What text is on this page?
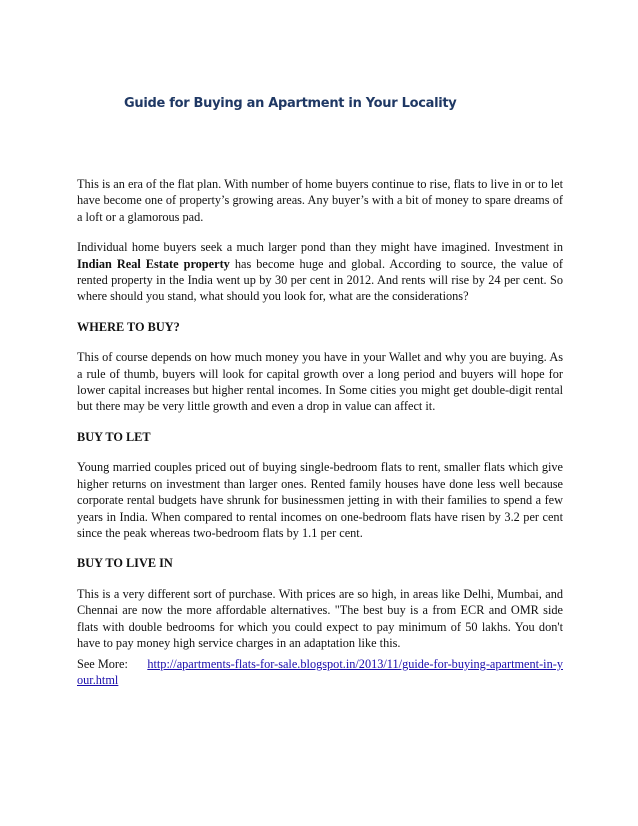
Guide for Buying an Apartment in Your Locality

This is an era of the flat plan. With number of home buyers continue to rise, flats to live in or to let have become one of property’s growing areas. Any buyer’s with a bit of money to spare dreams of a loft or a glamorous pad.

Individual home buyers seek a much larger pond than they might have imagined. Investment in Indian Real Estate property has become huge and global. According to source, the value of rented property in the India went up by 30 per cent in 2012. And rents will rise by 24 per cent. So where should you stand, what should you look for, what are the considerations?

WHERE TO BUY?

This of course depends on how much money you have in your Wallet and why you are buying. As a rule of thumb, buyers will look for capital growth over a long period and buyers will hope for lower capital increases but higher rental incomes. In Some cities you might get double-digit rental but there may be very little growth and even a drop in value can affect it.

BUY TO LET

Young married couples priced out of buying single-bedroom flats to rent, smaller flats which give higher returns on investment than larger ones. Rented family houses have done less well because corporate rental budgets have shrunk for businessmen jetting in with their families to spend a few years in India. When compared to rental incomes on one-bedroom flats have risen by 3.2 per cent since the peak whereas two-bedroom flats by 1.1 per cent.

BUY TO LIVE IN

This is a very different sort of purchase. With prices are so high, in areas like Delhi, Mumbai, and Chennai are now the more affordable alternatives. "The best buy is a from ECR and OMR side flats with double bedrooms for which you could expect to pay minimum of 50 lakhs. You don't have to pay money high service charges in an adaptation like this.

See More: http://apartments-flats-for-sale.blogspot.in/2013/11/guide-for-buying-apartment-in-your.html
